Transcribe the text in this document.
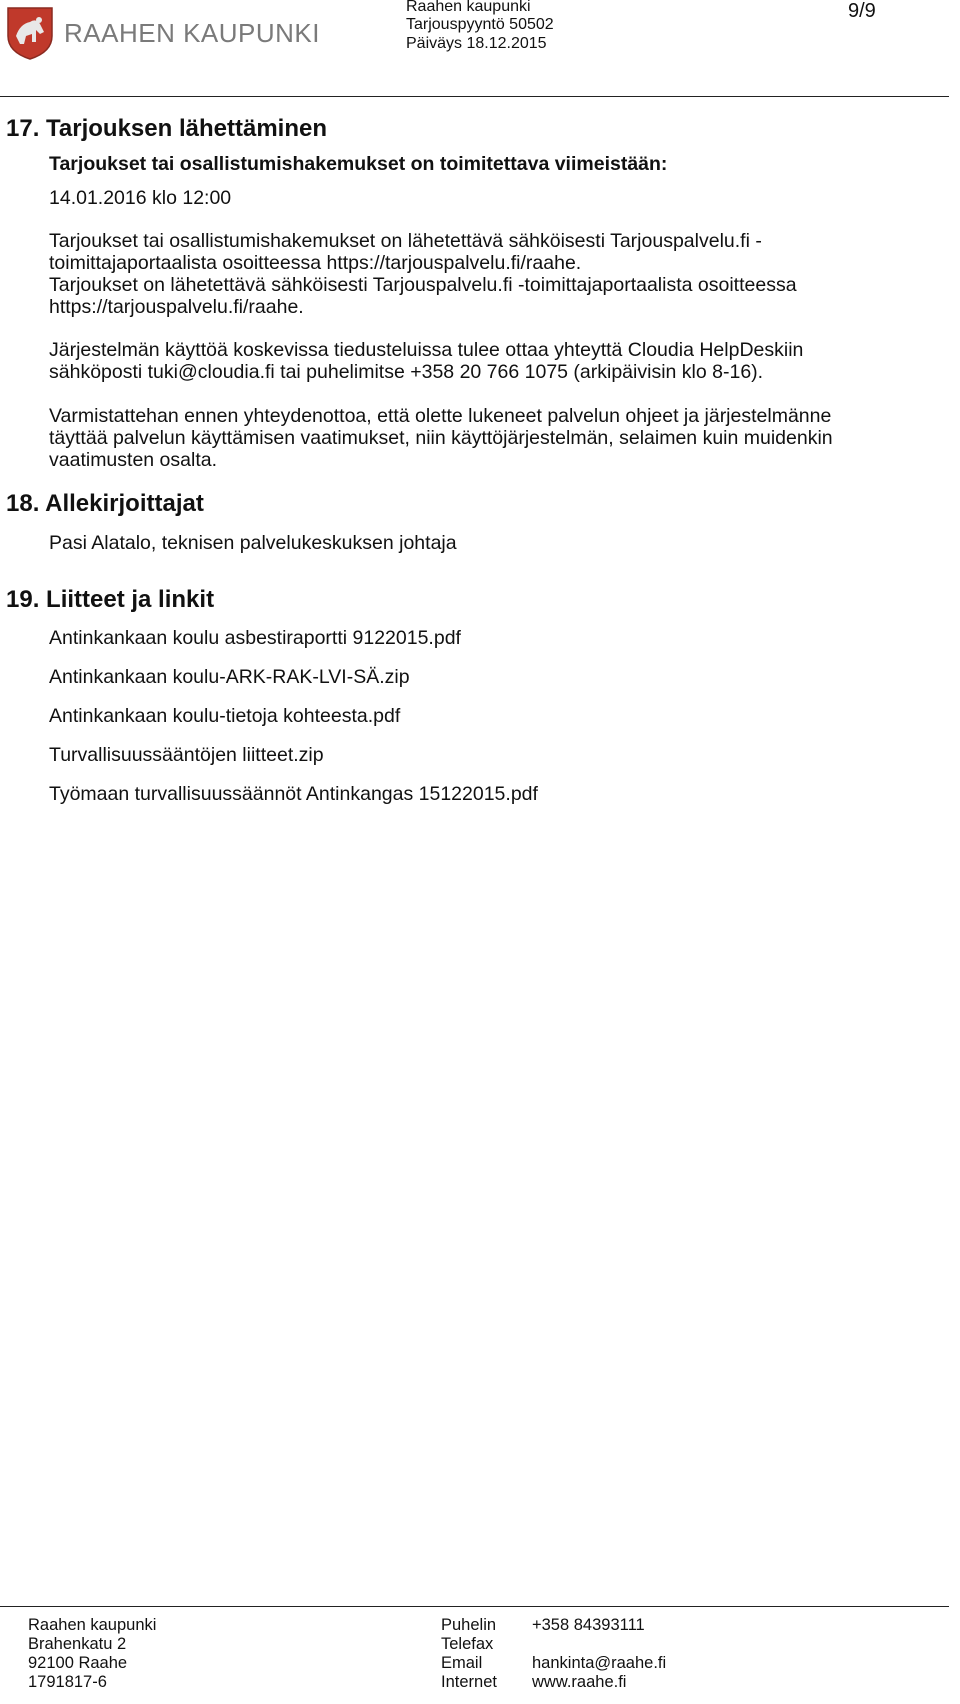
RAAHEN KAUPUNKI
Raahen kaupunki
Tarjouspyyntö 50502
Päiväys 18.12.2015
9/9
17. Tarjouksen lähettäminen
Tarjoukset tai osallistumishakemukset on toimitettava viimeistään:
14.01.2016 klo 12:00
Tarjoukset tai osallistumishakemukset on lähetettävä sähköisesti Tarjouspalvelu.fi -
toimittajaportaalista osoitteessa https://tarjouspalvelu.fi/raahe.
Tarjoukset on lähetettävä sähköisesti Tarjouspalvelu.fi -toimittajaportaalista osoitteessa
https://tarjouspalvelu.fi/raahe.
Järjestelmän käyttöä koskevissa tiedusteluissa tulee ottaa yhteyttä Cloudia HelpDeskiin
sähköposti tuki@cloudia.fi tai puhelimitse +358 20 766 1075 (arkipäivisin klo 8-16).
Varmistattehan ennen yhteydenottoa, että olette lukeneet palvelun ohjeet ja järjestelmänne
täyttää palvelun käyttämisen vaatimukset, niin käyttöjärjestelmän, selaimen kuin muidenkin
vaatimusten osalta.
18. Allekirjoittajat
Pasi Alatalo, teknisen palvelukeskuksen johtaja
19. Liitteet ja linkit
Antinkankaan koulu asbestiraportti 9122015.pdf
Antinkankaan koulu-ARK-RAK-LVI-SÄ.zip
Antinkankaan koulu-tietoja kohteesta.pdf
Turvallisuussääntöjen liitteet.zip
Työmaan turvallisuussäännöt Antinkangas 15122015.pdf
Raahen kaupunki
Brahenkatu 2
92100 Raahe
1791817-6
Puhelin
Telefax
Email
Internet
+358 84393111
hankinta@raahe.fi
www.raahe.fi
